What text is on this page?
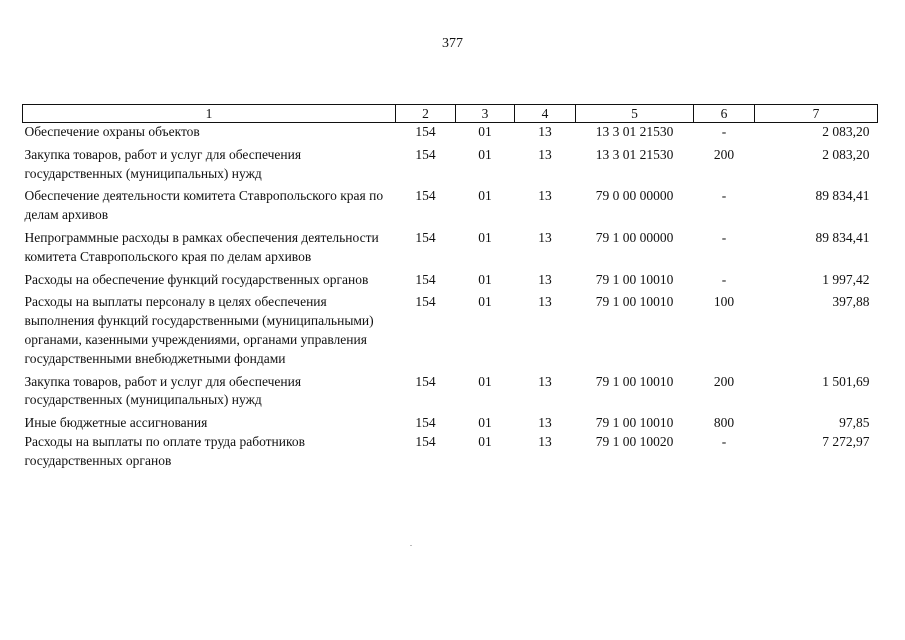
377
1	2	3	4	5	6	7
Обеспечение охраны объектов	154	01	13	13 3 01 21530	-	2 083,20
Закупка товаров, работ и услуг для обеспечения государственных (муниципальных) нужд	154	01	13	13 3 01 21530	200	2 083,20
Обеспечение деятельности комитета Ставропольского края по делам архивов	154	01	13	79 0 00 00000	-	89 834,41
Непрограммные расходы в рамках обеспечения деятельности комитета Ставропольского края по делам архивов	154	01	13	79 1 00 00000	-	89 834,41
Расходы на обеспечение функций государственных органов	154	01	13	79 1 00 10010	-	1 997,42
Расходы на выплаты персоналу в целях обеспечения выполнения функций государственными (муниципальными) органами, казенными учреждениями, органами управления государственными внебюджетными фондами	154	01	13	79 1 00 10010	100	397,88
Закупка товаров, работ и услуг для обеспечения государственных (муниципальных) нужд	154	01	13	79 1 00 10010	200	1 501,69
Иные бюджетные ассигнования	154	01	13	79 1 00 10010	800	97,85
Расходы на выплаты по оплате труда работников государственных органов	154	01	13	79 1 00 10020	-	7 272,97
